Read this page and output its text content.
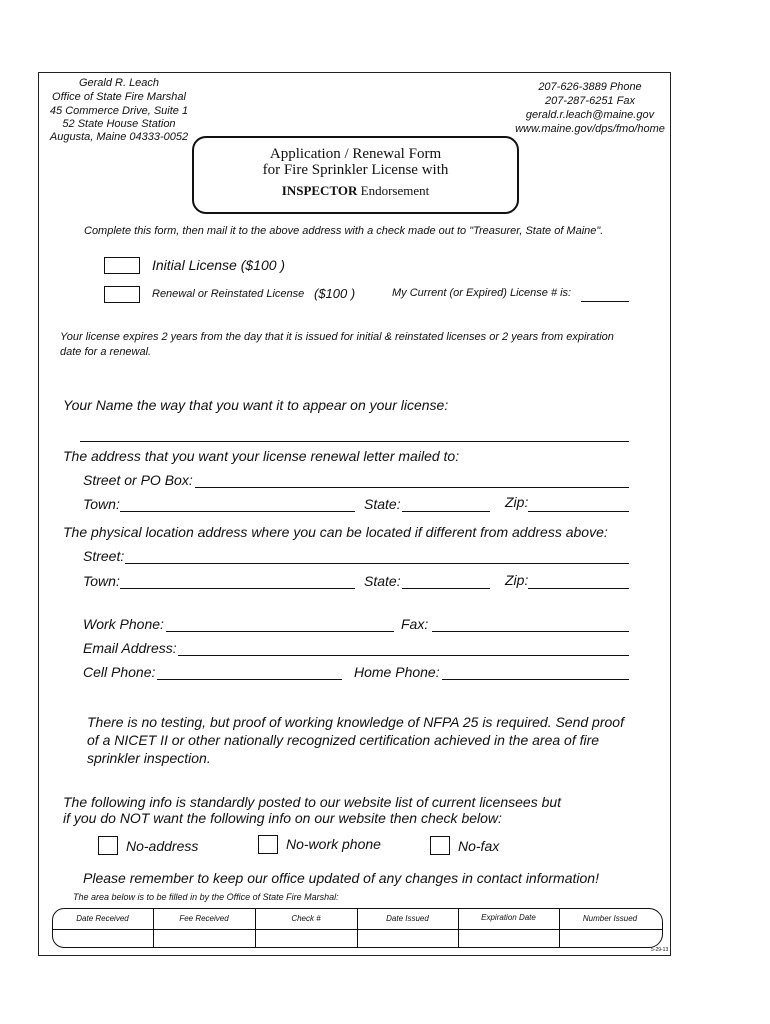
Gerald R. Leach
Office of State Fire Marshal
45 Commerce Drive, Suite 1
52 State House Station
Augusta, Maine 04333-0052
207-626-3889 Phone
207-287-6251 Fax
gerald.r.leach@maine.gov
www.maine.gov/dps/fmo/home
Application / Renewal Form
for Fire Sprinkler License with
INSPECTOR Endorsement
Complete this form, then mail it to the above address with a check made out to "Treasurer, State of Maine".
Initial License ($100 )
Renewal or Reinstated License ($100 )	My Current (or Expired) License # is:
Your license expires 2 years from the day that it is issued for initial & reinstated licenses or 2 years from expiration
date for a renewal.
Your Name the way that you want it to appear on your license:
The address that you want your license renewal letter mailed to:
Street or PO Box:
Town:	State:	Zip:
The physical location address where you can be located if different from address above:
Street:
Town:	State:	Zip:
Work Phone:	Fax:
Email Address:
Cell Phone:	Home Phone:
There is no testing, but proof of working knowledge of NFPA 25 is required. Send proof
of a NICET II or other nationally recognized certification achieved in the area of fire
sprinkler inspection.
The following info is standardly posted to our website list of current licensees but
if you do NOT want the following info on our website then check below:
No-address	No-work phone	No-fax
Please remember to keep our office updated of any changes in contact information!
The area below is to be filled in by the Office of State Fire Marshal:
Date Received	Fee Received	Check #	Date Issued	Expiration Date	Number Issued
5-29-13
